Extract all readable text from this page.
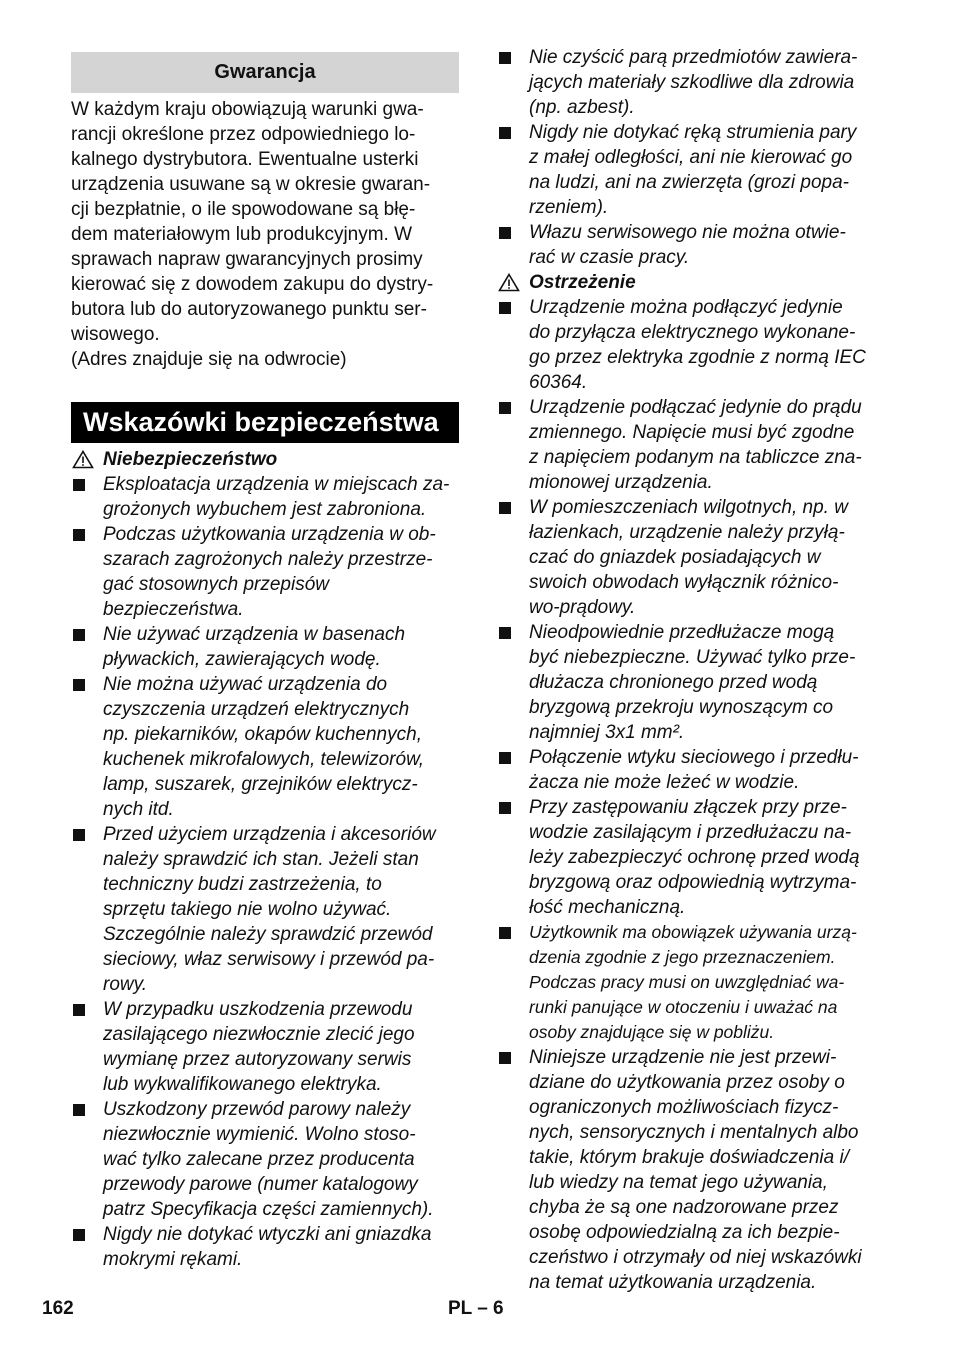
Gwarancja

W każdym kraju obowiązują warunki gwa-
rancji określone przez odpowiedniego lo-
kalnego dystrybutora. Ewentualne usterki
urządzenia usuwane są w okresie gwaran-
cji bezpłatnie, o ile spowodowane są błę-
dem materiałowym lub produkcyjnym. W
sprawach napraw gwarancyjnych prosimy
kierować się z dowodem zakupu do dystry-
butora lub do autoryzowanego punktu ser-
wisowego.

(Adres znajduje się na odwrocie)

Wskazówki bezpieczeństwa
Niebezpieczeństwo
Eksploatacja urządzenia w miejscach za-
grożonych wybuchem jest zabroniona.
Podczas użytkowania urządzenia w ob-
szarach zagrożonych należy przestrze-
gać stosownych przepisów
bezpieczeństwa.
Nie używać urządzenia w basenach
pływackich, zawierających wodę.
Nie można używać urządzenia do
czyszczenia urządzeń elektrycznych
np. piekarników, okapów kuchennych,
kuchenek mikrofalowych, telewizorów,
lamp, suszarek, grzejników elektrycz-
nych itd.
Przed użyciem urządzenia i akcesoriów
należy sprawdzić ich stan. Jeżeli stan
techniczny budzi zastrzeżenia, to
sprzętu takiego nie wolno używać.
Szczególnie należy sprawdzić przewód
sieciowy, właz serwisowy i przewód pa-
rowy.
W przypadku uszkodzenia przewodu
zasilającego niezwłocznie zlecić jego
wymianę przez autoryzowany serwis
lub wykwalifikowanego elektryka.
Uszkodzony przewód parowy należy
niezwłocznie wymienić. Wolno stoso-
wać tylko zalecane przez producenta
przewody parowe (numer katalogowy
patrz Specyfikacja części zamiennych).
Nigdy nie dotykać wtyczki ani gniazdka
mokrymi rękami.
Nie czyścić parą przedmiotów zawiera-
jących materiały szkodliwe dla zdrowia
(np. azbest).
Nigdy nie dotykać ręką strumienia pary
z małej odległości, ani nie kierować go
na ludzi, ani na zwierzęta (grozi popa-
rzeniem).
Włazu serwisowego nie można otwie-
rać w czasie pracy.
Ostrzeżenie
Urządzenie można podłączyć jedynie
do przyłącza elektrycznego wykonane-
go przez elektryka zgodnie z normą IEC
60364.
Urządzenie podłączać jedynie do prądu
zmiennego. Napięcie musi być zgodne
z napięciem podanym na tabliczce zna-
mionowej urządzenia.
W pomieszczeniach wilgotnych, np. w
łazienkach, urządzenie należy przyłą-
czać do gniazdek posiadających w
swoich obwodach wyłącznik różnico-
wo-prądowy.
Nieodpowiednie przedłużacze mogą
być niebezpieczne. Używać tylko prze-
dłużacza chronionego przed wodą
bryzgową przekroju wynoszącym co
najmniej 3x1 mm².
Połączenie wtyku sieciowego i przedłu-
żacza nie może leżeć w wodzie.
Przy zastępowaniu złączek przy prze-
wodzie zasilającym i przedłużaczu na-
leży zabezpieczyć ochronę przed wodą
bryzgową oraz odpowiednią wytrzyma-
łość mechaniczną.
Użytkownik ma obowiązek używania urzą-
dzenia zgodnie z jego przeznaczeniem.
Podczas pracy musi on uwzględniać wa-
runki panujące w otoczeniu i uważać na
osoby znajdujące się w pobliżu.
Niniejsze urządzenie nie jest przewi-
dziane do użytkowania przez osoby o
ograniczonych możliwościach fizycz-
nych, sensorycznych i mentalnych albo
takie, którym brakuje doświadczenia i/
lub wiedzy na temat jego używania,
chyba że są one nadzorowane przez
osobę odpowiedzialną za ich bezpie-
czeństwo i otrzymały od niej wskazówki
na temat użytkowania urządzenia.
162	PL – 6
